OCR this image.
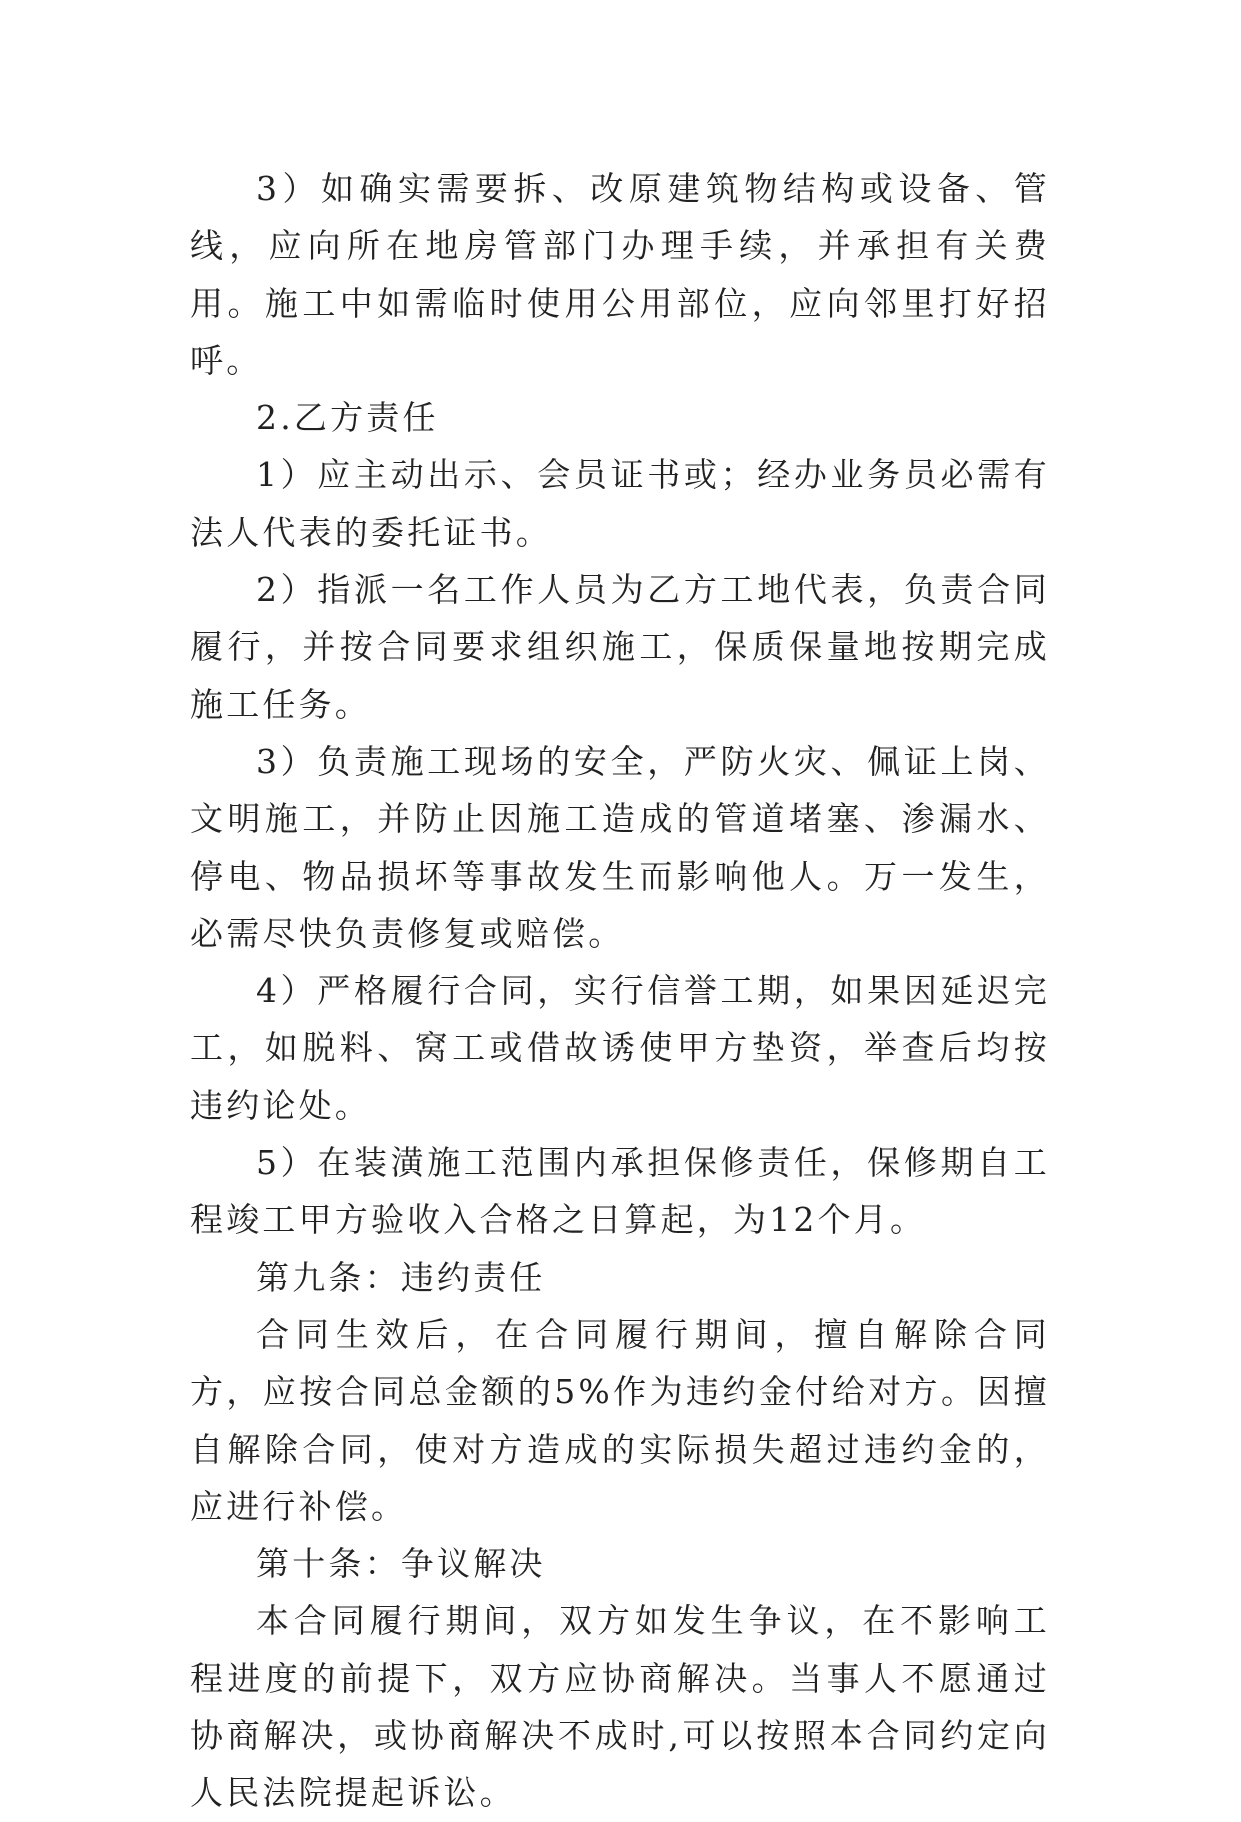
3）如确实需要拆、改原建筑物结构或设备、管线，应向所在地房管部门办理手续，并承担有关费用。施工中如需临时使用公用部位，应向邻里打好招呼。

2.乙方责任

1）应主动出示、会员证书或；经办业务员必需有法人代表的委托证书。

2）指派一名工作人员为乙方工地代表，负责合同履行，并按合同要求组织施工，保质保量地按期完成施工任务。

3）负责施工现场的安全，严防火灾、佩证上岗、文明施工，并防止因施工造成的管道堵塞、渗漏水、停电、物品损坏等事故发生而影响他人。万一发生，必需尽快负责修复或赔偿。

4）严格履行合同，实行信誉工期，如果因延迟完工，如脱料、窝工或借故诱使甲方垫资，举查后均按违约论处。

5）在装潢施工范围内承担保修责任，保修期自工程竣工甲方验收入合格之日算起，为12个月。

第九条：违约责任

合同生效后，在合同履行期间，擅自解除合同方，应按合同总金额的5%作为违约金付给对方。因擅自解除合同，使对方造成的实际损失超过违约金的，应进行补偿。

第十条：争议解决

本合同履行期间，双方如发生争议，在不影响工程进度的前提下，双方应协商解决。当事人不愿通过协商解决，或协商解决不成时,可以按照本合同约定向人民法院提起诉讼。
